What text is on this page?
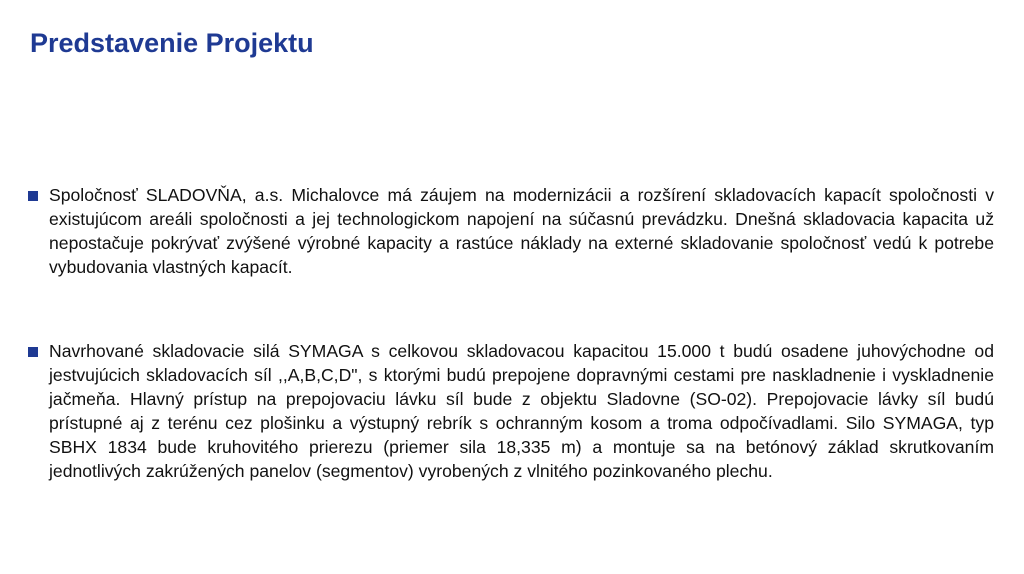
Predstavenie Projektu
Spoločnosť SLADOVŇA, a.s. Michalovce má záujem na modernizácii a rozšírení skladovacích kapacít spoločnosti v existujúcom areáli spoločnosti a jej technologickom napojení na súčasnú prevádzku. Dnešná skladovacia kapacita už nepostačuje pokrývať zvýšené výrobné kapacity a rastúce náklady na externé skladovanie spoločnosť vedú k potrebe vybudovania vlastných kapacít.
Navrhované skladovacie silá SYMAGA s celkovou skladovacou kapacitou 15.000 t budú osadene juhovýchodne od jestvujúcich skladovacích síl ,,A,B,C,D", s ktorými budú prepojene dopravnými cestami pre naskladnenie i vyskladnenie jačmeňa. Hlavný prístup na prepojovaciu lávku síl bude z objektu Sladovne (SO-02). Prepojovacie lávky síl budú prístupné aj z terénu cez plošinku a výstupný rebrík s ochranným kosom a troma odpočívadlami. Silo SYMAGA, typ SBHX 1834 bude kruhovitého prierezu (priemer sila 18,335 m) a montuje sa na betónový základ skrutkovaním jednotlivých zakrúžených panelov (segmentov) vyrobených z vlnitého pozinkovaného plechu.
